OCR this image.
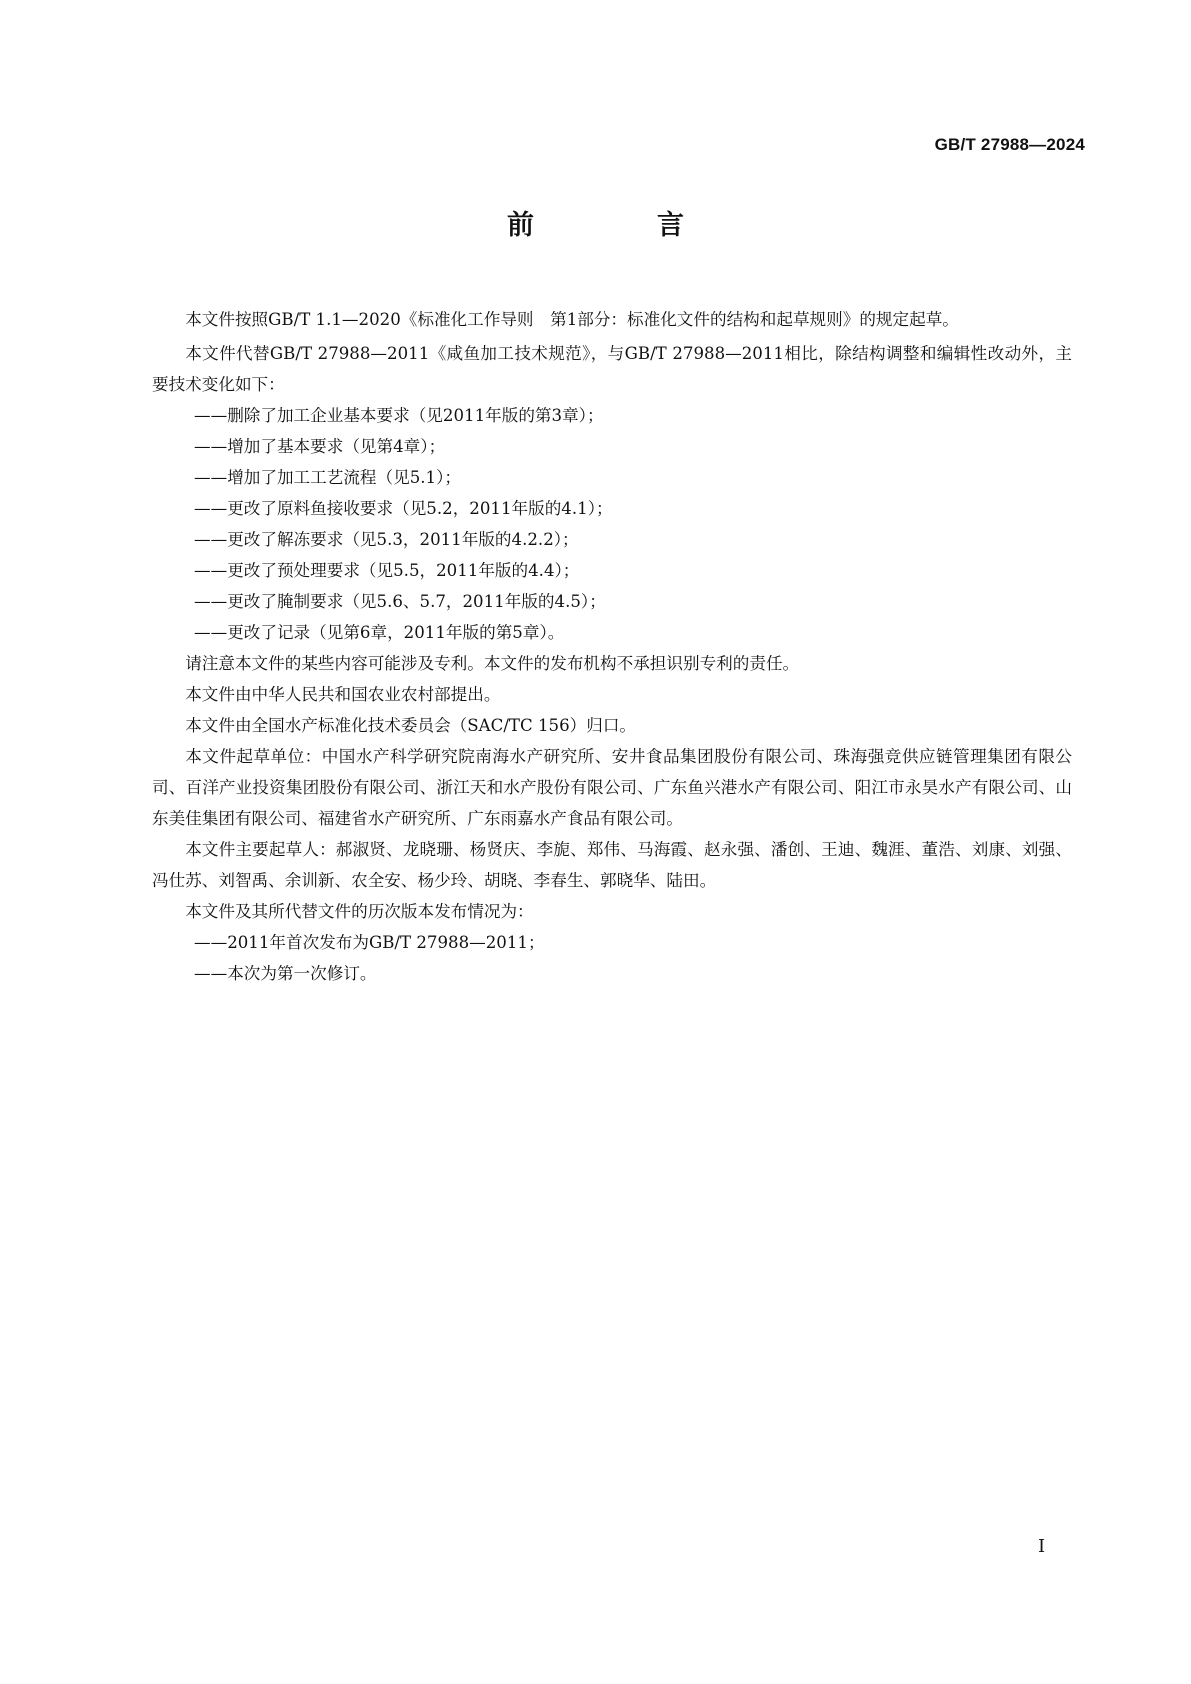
GB/T 27988—2024
前　言

本文件按照GB/T 1.1—2020《标准化工作导则　第1部分：标准化文件的结构和起草规则》的规定起草。

本文件代替GB/T 27988—2011《咸鱼加工技术规范》，与GB/T 27988—2011相比，除结构调整和编辑性改动外，主要技术变化如下：

——删除了加工企业基本要求（见2011年版的第3章）；

——增加了基本要求（见第4章）；

——增加了加工工艺流程（见5.1）；

——更改了原料鱼接收要求（见5.2，2011年版的4.1）；

——更改了解冻要求（见5.3，2011年版的4.2.2）；

——更改了预处理要求（见5.5，2011年版的4.4）；

——更改了腌制要求（见5.6、5.7，2011年版的4.5）；

——更改了记录（见第6章，2011年版的第5章）。

请注意本文件的某些内容可能涉及专利。本文件的发布机构不承担识别专利的责任。

本文件由中华人民共和国农业农村部提出。

本文件由全国水产标准化技术委员会（SAC/TC 156）归口。

本文件起草单位：中国水产科学研究院南海水产研究所、安井食品集团股份有限公司、珠海强竞供应链管理集团有限公司、百洋产业投资集团股份有限公司、浙江天和水产股份有限公司、广东鱼兴港水产有限公司、阳江市永昊水产有限公司、山东美佳集团有限公司、福建省水产研究所、广东雨嘉水产食品有限公司。

本文件主要起草人：郝淑贤、龙晓珊、杨贤庆、李旎、郑伟、马海霞、赵永强、潘创、王迪、魏涯、董浩、刘康、刘强、冯仕苏、刘智禹、余训新、农全安、杨少玲、胡晓、李春生、郭晓华、陆田。

本文件及其所代替文件的历次版本发布情况为：

——2011年首次发布为GB/T 27988—2011；

——本次为第一次修订。

I
